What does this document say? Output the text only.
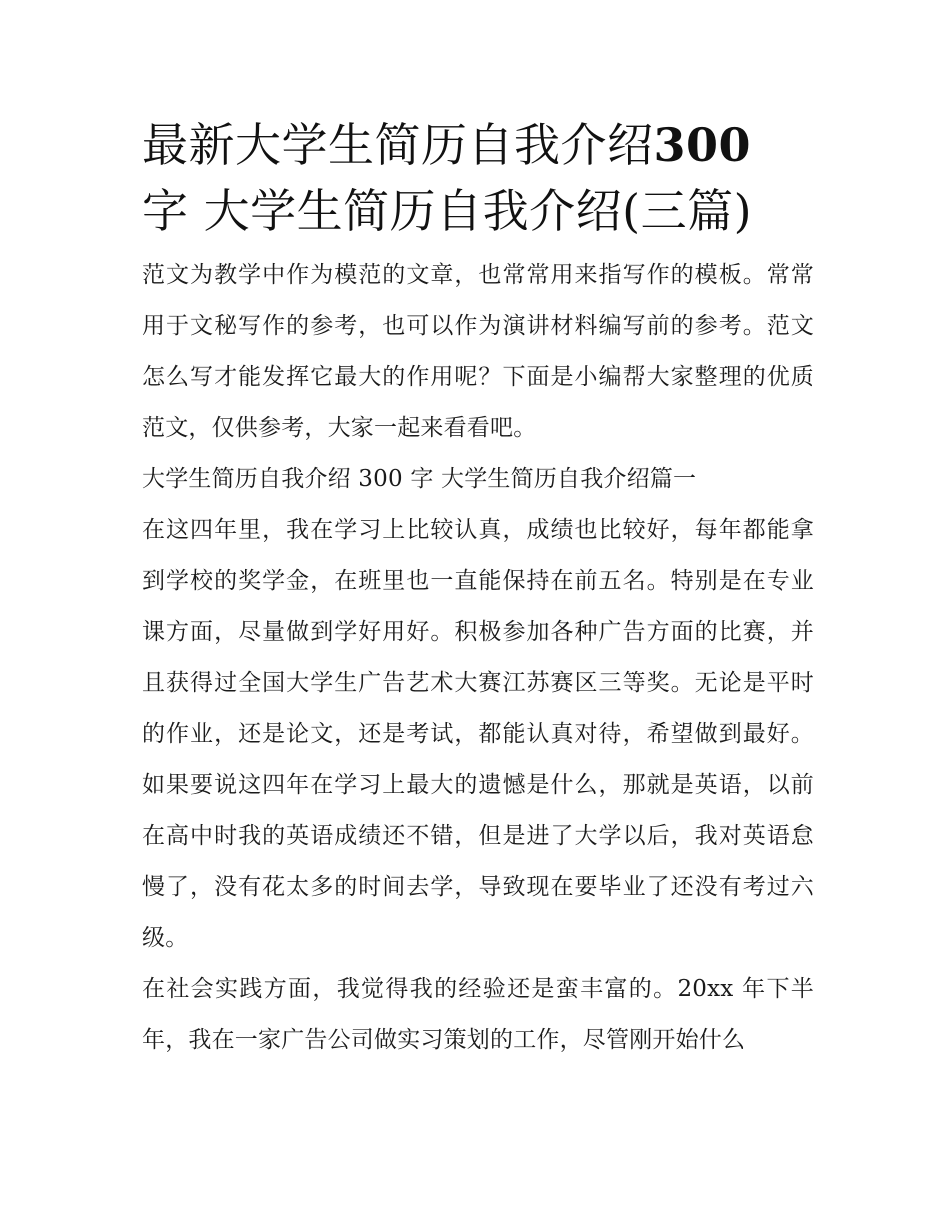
最新大学生简历自我介绍300
字 大学生简历自我介绍(三篇)

范文为教学中作为模范的文章，也常常用来指写作的模板。常常用于文秘写作的参考，也可以作为演讲材料编写前的参考。范文怎么写才能发挥它最大的作用呢？下面是小编帮大家整理的优质范文，仅供参考，大家一起来看看吧。

大学生简历自我介绍 300 字 大学生简历自我介绍篇一

在这四年里，我在学习上比较认真，成绩也比较好，每年都能拿到学校的奖学金，在班里也一直能保持在前五名。特别是在专业课方面，尽量做到学好用好。积极参加各种广告方面的比赛，并且获得过全国大学生广告艺术大赛江苏赛区三等奖。无论是平时的作业，还是论文，还是考试，都能认真对待，希望做到最好。如果要说这四年在学习上最大的遗憾是什么，那就是英语，以前在高中时我的英语成绩还不错，但是进了大学以后，我对英语怠慢了，没有花太多的时间去学，导致现在要毕业了还没有考过六级。

在社会实践方面，我觉得我的经验还是蛮丰富的。20xx 年下半年，我在一家广告公司做实习策划的工作，尽管刚开始什么
